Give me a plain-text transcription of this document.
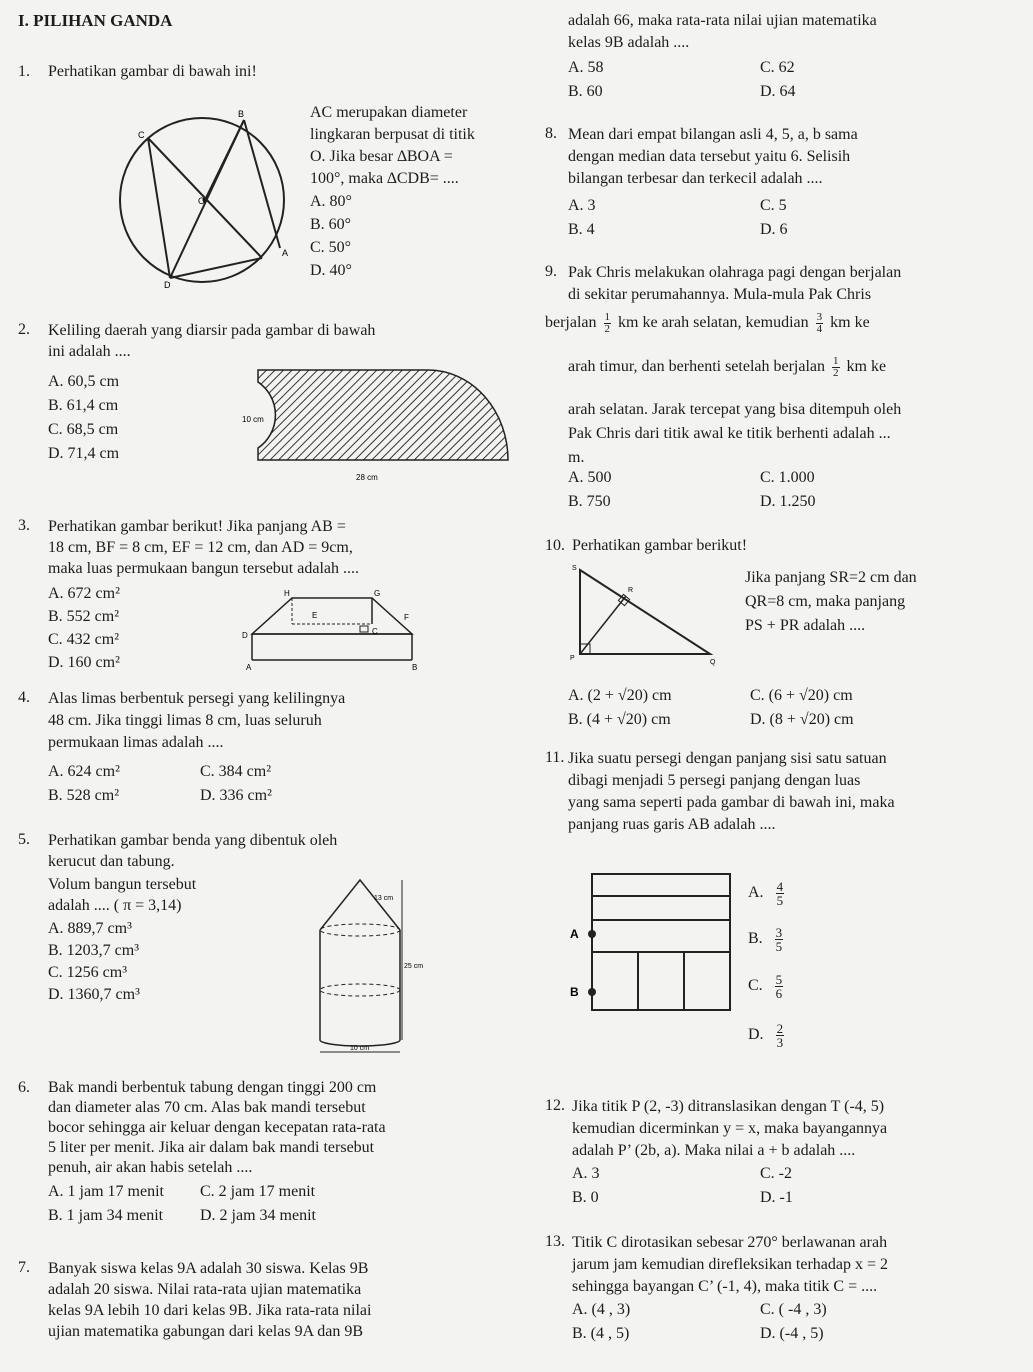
I. PILIHAN GANDA
1. Perhatikan gambar di bawah ini!
B
C
O
A
D
AC merupakan diameter
lingkaran berpusat di titik
O. Jika besar ∆BOA =
100°, maka ∆CDB= ....
A. 80°
B. 60°
C. 50°
D. 40°
2. Keliling daerah yang diarsir pada gambar di bawah
ini adalah ....
A. 60,5 cm
B. 61,4 cm
C. 68,5 cm
D. 71,4 cm
10 cm
28 cm
3. Perhatikan gambar berikut! Jika panjang AB =
18 cm, BF = 8 cm, EF = 12 cm, dan AD = 9cm,
maka luas permukaan bangun tersebut adalah ....
A. 672 cm²
B. 552 cm²
C. 432 cm²
D. 160 cm²
H	G
E	F
D	C
A	B
4. Alas limas berbentuk persegi yang kelilingnya
48 cm. Jika tinggi limas 8 cm, luas seluruh
permukaan limas adalah ....
A. 624 cm²	C. 384 cm²
B. 528 cm²	D. 336 cm²
5. Perhatikan gambar benda yang dibentuk oleh
kerucut dan tabung.
Volum bangun tersebut
adalah .... ( π = 3,14)
A. 889,7 cm³
B. 1203,7 cm³
C. 1256 cm³
D. 1360,7 cm³
13 cm
25 cm
10 cm
6. Bak mandi berbentuk tabung dengan tinggi 200 cm
dan diameter alas 70 cm. Alas bak mandi tersebut
bocor sehingga air keluar dengan kecepatan rata-rata
5 liter per menit. Jika air dalam bak mandi tersebut
penuh, air akan habis setelah ....
A. 1 jam 17 menit C. 2 jam 17 menit
B. 1 jam 34 menit D. 2 jam 34 menit
7. Banyak siswa kelas 9A adalah 30 siswa. Kelas 9B
adalah 20 siswa. Nilai rata-rata ujian matematika
kelas 9A lebih 10 dari kelas 9B. Jika rata-rata nilai
ujian matematika gabungan dari kelas 9A dan 9B
adalah 66, maka rata-rata nilai ujian matematika
kelas 9B adalah ....
A. 58	C. 62
B. 60	D. 64
8. Mean dari empat bilangan asli 4, 5, a, b sama
dengan median data tersebut yaitu 6. Selisih
bilangan terbesar dan terkecil adalah ....
A. 3	C. 5
B. 4	D. 6
9. Pak Chris melakukan olahraga pagi dengan berjalan
di sekitar perumahannya. Mula-mula Pak Chris
berjalan $\frac{1}{2}$ km ke arah selatan, kemudian $\frac{3}{4}$ km ke
arah timur, dan berhenti setelah berjalan $\frac{1}{2}$ km ke
arah selatan. Jarak tercepat yang bisa ditempuh oleh
Pak Chris dari titik awal ke titik berhenti adalah ...
m.
A. 500	C. 1.000
B. 750	D. 1.250
10. Perhatikan gambar berikut!
S
R
P
Q
Jika panjang SR=2 cm dan
QR=8 cm, maka panjang
PS + PR adalah ....
A. (2 + √20) cm	C. (6 + √20) cm
B. (4 + √20) cm	D. (8 + √20) cm
11. Jika suatu persegi dengan panjang sisi satu satuan
dibagi menjadi 5 persegi panjang dengan luas
yang sama seperti pada gambar di bawah ini, maka
panjang ruas garis AB adalah ....
A
B
A. $\frac{4}{5}$
B. $\frac{3}{5}$
C. $\frac{5}{6}$
D. $\frac{2}{3}$
12. Jika titik P (2, -3) ditranslasikan dengan T (-4, 5)
kemudian dicerminkan y = x, maka bayangannya
adalah P’ (2b, a). Maka nilai a + b adalah ....
A. 3	C. -2
B. 0	D. -1
13. Titik C dirotasikan sebesar 270° berlawanan arah
jarum jam kemudian direfleksikan terhadap x = 2
sehingga bayangan C’ (-1, 4), maka titik C = ....
A. (4 , 3)	C. ( -4 , 3)
B. (4 , 5)	D. (-4 , 5)
